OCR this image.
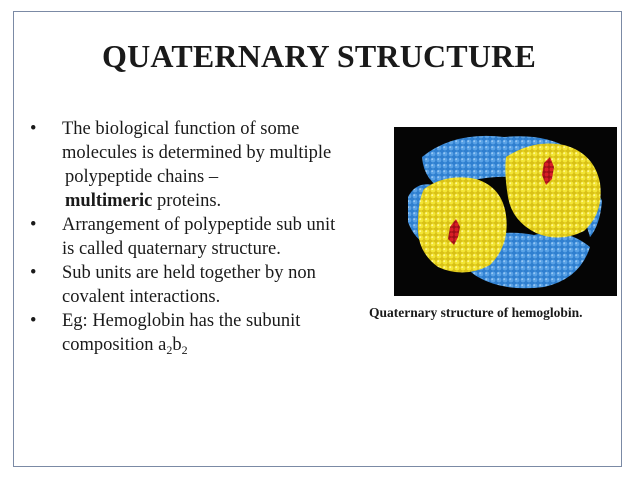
QUATERNARY STRUCTURE
• The biological function of some
molecules is determined by multiple
polypeptide chains –
multimeric proteins.
• Arrangement of polypeptide sub unit
is called quaternary structure.
• Sub units are held together by non
covalent interactions.
• Eg: Hemoglobin has the subunit
composition $a_2b_2$
Quaternary structure of hemoglobin.
